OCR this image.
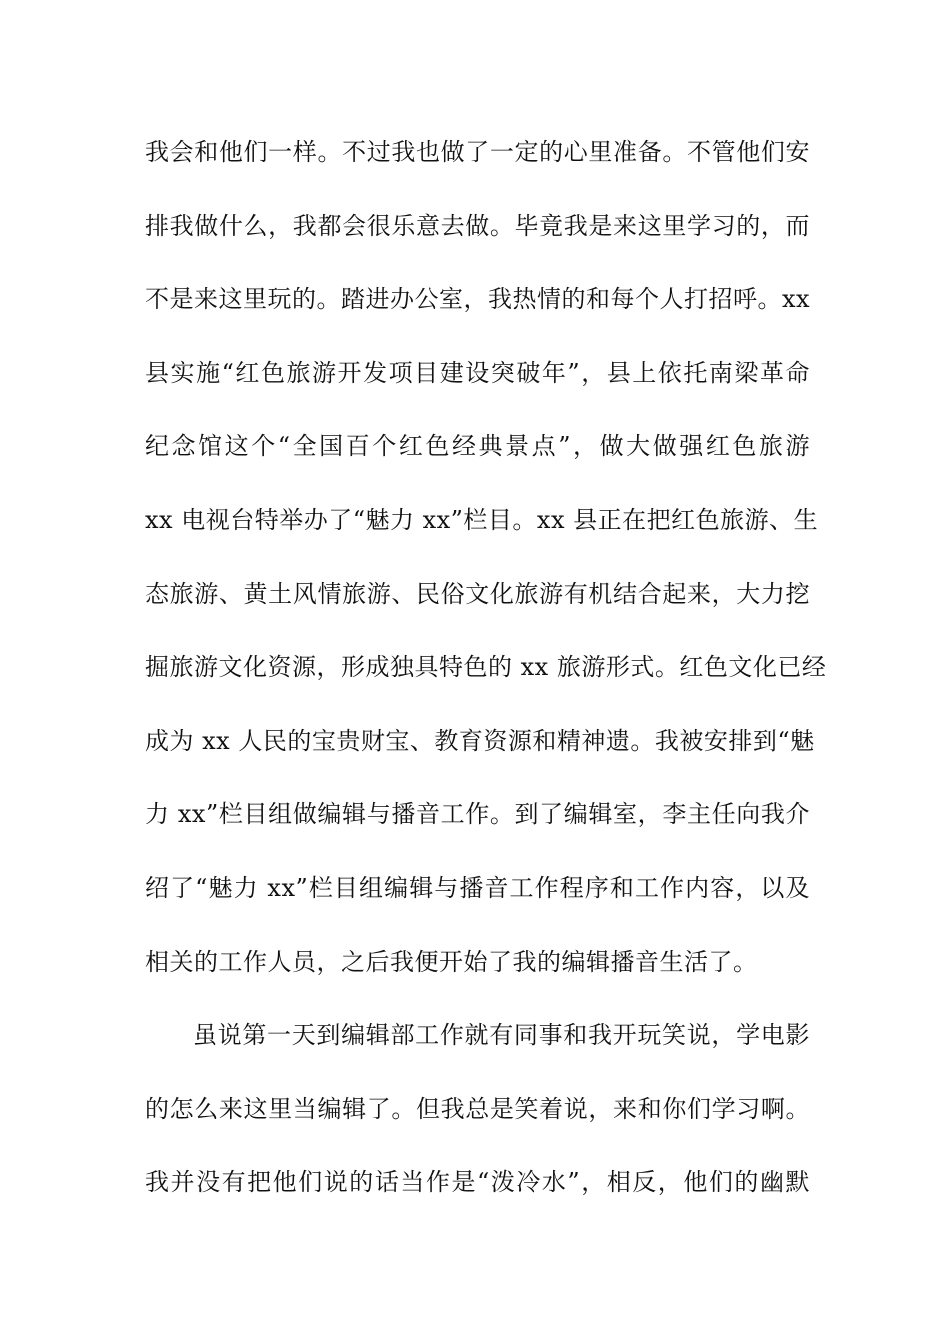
我会和他们一样。不过我也做了一定的心里准备。不管他们安
排我做什么，我都会很乐意去做。毕竟我是来这里学习的，而
不是来这里玩的。踏进办公室，我热情的和每个人打招呼。xx
县实施“红色旅游开发项目建设突破年”，县上依托南梁革命
纪念馆这个“全国百个红色经典景点”，做大做强红色旅游
xx 电视台特举办了“魅力 xx”栏目。xx 县正在把红色旅游、生
态旅游、黄土风情旅游、民俗文化旅游有机结合起来，大力挖
掘旅游文化资源，形成独具特色的 xx 旅游形式。红色文化已经
成为 xx 人民的宝贵财宝、教育资源和精神遗。我被安排到“魅
力 xx”栏目组做编辑与播音工作。到了编辑室，李主任向我介
绍了“魅力 xx”栏目组编辑与播音工作程序和工作内容，以及
相关的工作人员，之后我便开始了我的编辑播音生活了。
虽说第一天到编辑部工作就有同事和我开玩笑说，学电影
的怎么来这里当编辑了。但我总是笑着说，来和你们学习啊。
我并没有把他们说的话当作是“泼冷水”，相反，他们的幽默
